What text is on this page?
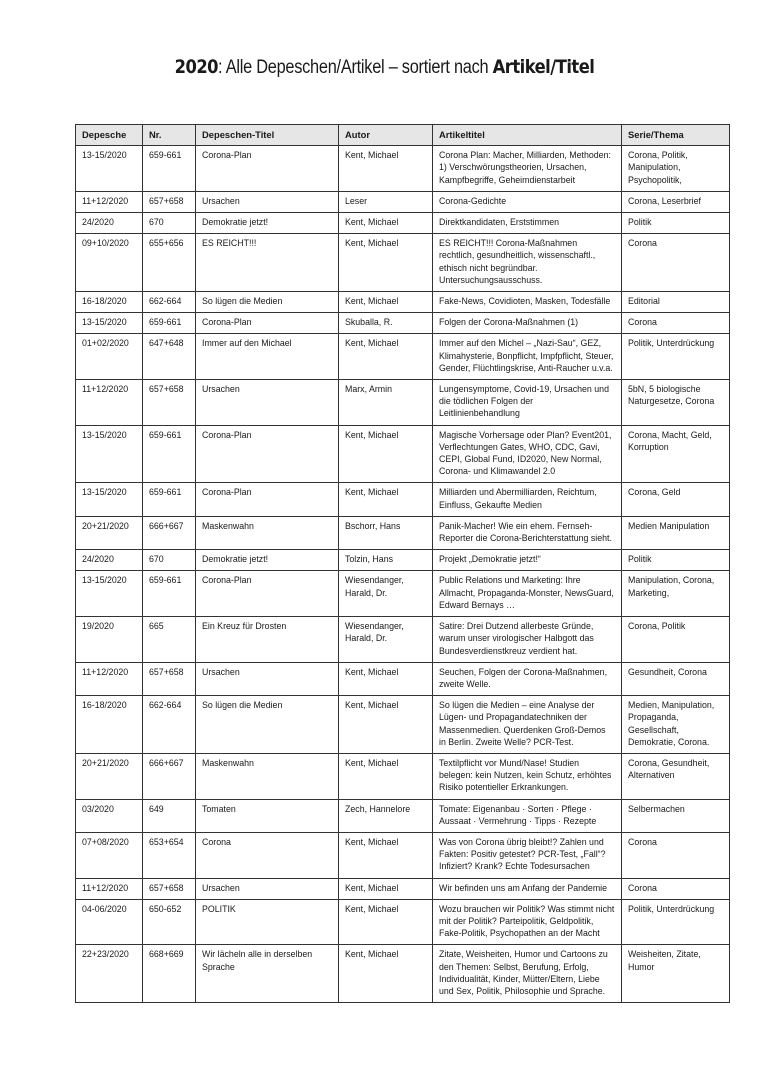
2020: Alle Depeschen/Artikel – sortiert nach Artikel/Titel
Depesche	Nr.	Depeschen-Titel	Autor	Artikeltitel	Serie/Thema

13-15/2020	659-661	Corona-Plan	Kent, Michael	Corona Plan: Macher, Milliarden, Methoden: 1) Verschwörungstheorien, Ursachen, Kampfbegriffe, Geheimdienstarbeit	Corona, Politik, Manipulation, Psychopolitik,

11+12/2020	657+658	Ursachen	Leser	Corona-Gedichte	Corona, Leserbrief

24/2020	670	Demokratie jetzt!	Kent, Michael	Direktkandidaten, Erststimmen	Politik

09+10/2020	655+656	ES REICHT!!!	Kent, Michael	ES REICHT!!! Corona-Maßnahmen rechtlich, gesundheitlich, wissenschaftl., ethisch nicht begründbar. Untersuchungsausschuss.	Corona

16-18/2020	662-664	So lügen die Medien	Kent, Michael	Fake-News, Covidioten, Masken, Todesfälle	Editorial

13-15/2020	659-661	Corona-Plan	Skuballa, R.	Folgen der Corona-Maßnahmen (1)	Corona

01+02/2020	647+648	Immer auf den Michael	Kent, Michael	Immer auf den Michel – „Nazi-Sau“, GEZ, Klimahysterie, Bonpflicht, Impfpflicht, Steuer, Gender, Flüchtlingskrise, Anti-Raucher u.v.a.	Politik, Unterdrückung

11+12/2020	657+658	Ursachen	Marx, Armin	Lungensymptome, Covid-19, Ursachen und die tödlichen Folgen der Leitlinienbehandlung	5bN, 5 biologische Naturgesetze, Corona

13-15/2020	659-661	Corona-Plan	Kent, Michael	Magische Vorhersage oder Plan? Event201, Verflechtungen Gates, WHO, CDC, Gavi, CEPI, Global Fund, ID2020, New Normal, Corona- und Klimawandel 2.0	Corona, Macht, Geld, Korruption

13-15/2020	659-661	Corona-Plan	Kent, Michael	Milliarden und Abermilliarden, Reichtum, Einfluss, Gekaufte Medien	Corona, Geld

20+21/2020	666+667	Maskenwahn	Bschorr, Hans	Panik-Macher! Wie ein ehem. Fernseh-Reporter die Corona-Berichterstattung sieht.	Medien Manipulation

24/2020	670	Demokratie jetzt!	Tolzin, Hans	Projekt „Demokratie jetzt!“	Politik

13-15/2020	659-661	Corona-Plan	Wiesendanger, Harald, Dr.	Public Relations und Marketing: Ihre Allmacht, Propaganda-Monster, NewsGuard, Edward Bernays …	Manipulation, Corona, Marketing,

19/2020	665	Ein Kreuz für Drosten	Wiesendanger, Harald, Dr.	Satire: Drei Dutzend allerbeste Gründe, warum unser virologischer Halbgott das Bundesverdienstkreuz verdient hat.	Corona, Politik

11+12/2020	657+658	Ursachen	Kent, Michael	Seuchen, Folgen der Corona-Maßnahmen, zweite Welle.	Gesundheit, Corona

16-18/2020	662-664	So lügen die Medien	Kent, Michael	So lügen die Medien – eine Analyse der Lügen- und Propagandatechniken der Massenmedien. Querdenken Groß-Demos in Berlin. Zweite Welle? PCR-Test.	Medien, Manipulation, Propaganda, Gesellschaft, Demokratie, Corona.

20+21/2020	666+667	Maskenwahn	Kent, Michael	Textilpflicht vor Mund/Nase! Studien belegen: kein Nutzen, kein Schutz, erhöhtes Risiko potentieller Erkrankungen.	Corona, Gesundheit, Alternativen

03/2020	649	Tomaten	Zech, Hannelore	Tomate: Eigenanbau · Sorten · Pflege · Aussaat · Vermehrung · Tipps · Rezepte	Selbermachen

07+08/2020	653+654	Corona	Kent, Michael	Was von Corona übrig bleibt!? Zahlen und Fakten: Positiv getestet? PCR-Test, „Fall“? Infiziert? Krank? Echte Todesursachen	Corona

11+12/2020	657+658	Ursachen	Kent, Michael	Wir befinden uns am Anfang der Pandemie	Corona

04-06/2020	650-652	POLITIK	Kent, Michael	Wozu brauchen wir Politik? Was stimmt nicht mit der Politik? Parteipolitik, Geldpolitik, Fake-Politik, Psychopathen an der Macht	Politik, Unterdrückung

22+23/2020	668+669	Wir lächeln alle in derselben Sprache	Kent, Michael	Zitate, Weisheiten, Humor und Cartoons zu den Themen: Selbst, Berufung, Erfolg, Individualität, Kinder, Mütter/Eltern, Liebe und Sex, Politik, Philosophie und Sprache.	Weisheiten, Zitate, Humor
